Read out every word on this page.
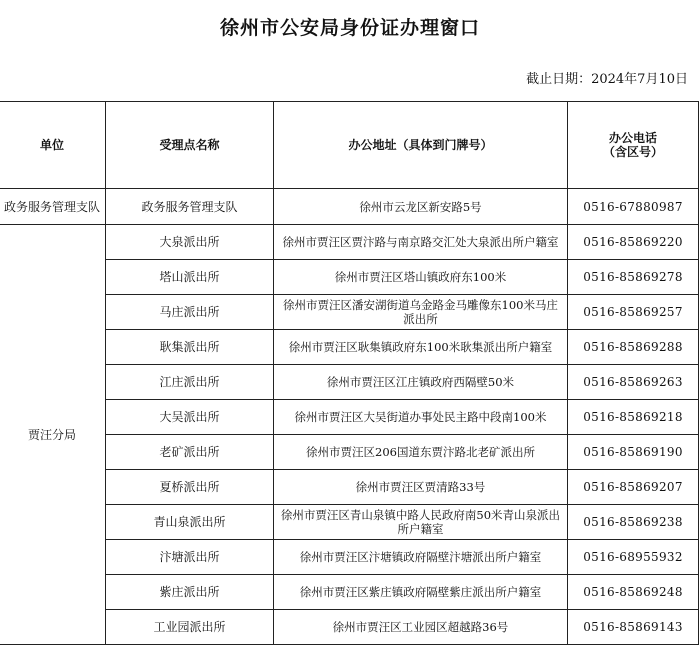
徐州市公安局身份证办理窗口
截止日期：2024年7月10日
单位	受理点名称	办公地址（具体到门牌号）	办公电话（含区号）
政务服务管理支队	政务服务管理支队	徐州市云龙区新安路5号	0516-67880987
贾汪分局	大泉派出所	徐州市贾汪区贾汴路与南京路交汇处大泉派出所户籍室	0516-85869220
	塔山派出所	徐州市贾汪区塔山镇政府东100米	0516-85869278
	马庄派出所	徐州市贾汪区潘安湖街道乌金路金马雕像东100米马庄派出所	0516-85869257
	耿集派出所	徐州市贾汪区耿集镇政府东100米耿集派出所户籍室	0516-85869288
	江庄派出所	徐州市贾汪区江庄镇政府西隔壁50米	0516-85869263
	大吴派出所	徐州市贾汪区大吴街道办事处民主路中段南100米	0516-85869218
	老矿派出所	徐州市贾汪区206国道东贾汴路北老矿派出所	0516-85869190
	夏桥派出所	徐州市贾汪区贾清路33号	0516-85869207
	青山泉派出所	徐州市贾汪区青山泉镇中路人民政府南50米青山泉派出所户籍室	0516-85869238
	汴塘派出所	徐州市贾汪区汴塘镇政府隔壁汴塘派出所户籍室	0516-68955932
	紫庄派出所	徐州市贾汪区紫庄镇政府隔壁紫庄派出所户籍室	0516-85869248
	工业园派出所	徐州市贾汪区工业园区超越路36号	0516-85869143
